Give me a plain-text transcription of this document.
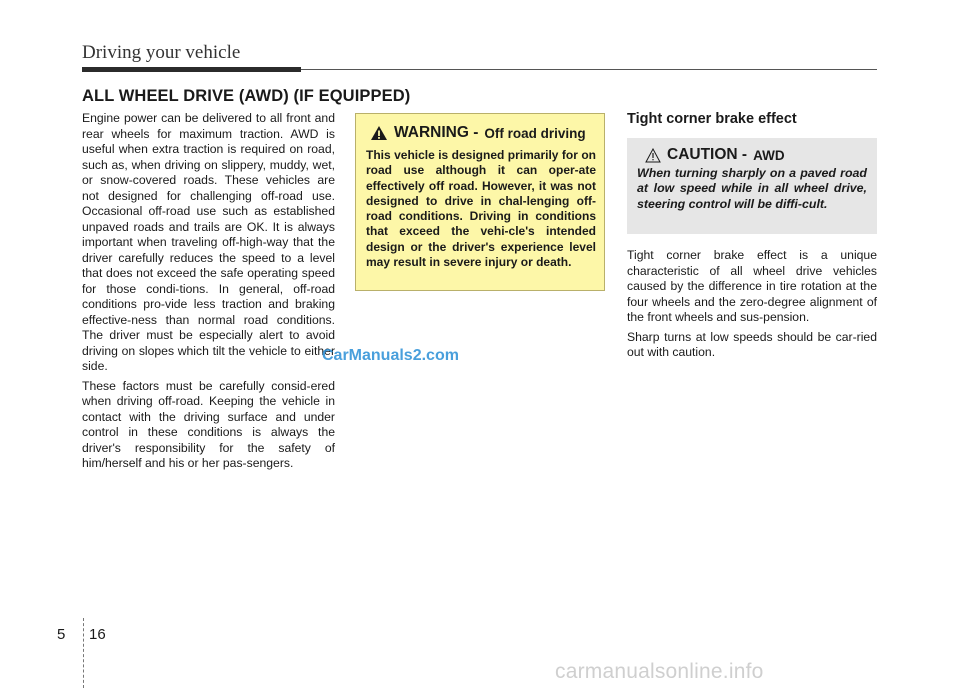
Driving your vehicle
ALL WHEEL DRIVE (AWD) (IF EQUIPPED)

Engine power can be delivered to all front and rear wheels for maximum traction. AWD is useful when extra traction is required on road, such as, when driving on slippery, muddy, wet, or snow-covered roads. These vehicles are not designed for challenging off-road use. Occasional off-road use such as established unpaved roads and trails are OK. It is always important when traveling off-high-way that the driver carefully reduces the speed to a level that does not exceed the safe operating speed for those condi-tions. In general, off-road conditions pro-vide less traction and braking effective-ness than normal road conditions. The driver must be especially alert to avoid driving on slopes which tilt the vehicle to either side.

These factors must be carefully consid-ered when driving off-road. Keeping the vehicle in contact with the driving surface and under control in these conditions is always the driver's responsibility for the safety of him/herself and his or her pas-sengers.

WARNING - Off road driving
This vehicle is designed primarily for on road use although it can oper-ate effectively off road. However, it was not designed to drive in chal-lenging off-road conditions. Driving in conditions that exceed the vehi-cle's intended design or the driver's experience level may result in severe injury or death.
Tight corner brake effect
CAUTION - AWD
When turning sharply on a paved road at low speed while in all wheel drive, steering control will be diffi-cult.

Tight corner brake effect is a unique characteristic of all wheel drive vehicles caused by the difference in tire rotation at the four wheels and the zero-degree alignment of the front wheels and sus-pension.

Sharp turns at low speeds should be car-ried out with caution.

CarManuals2.com
5 16
carmanualsonline.info
